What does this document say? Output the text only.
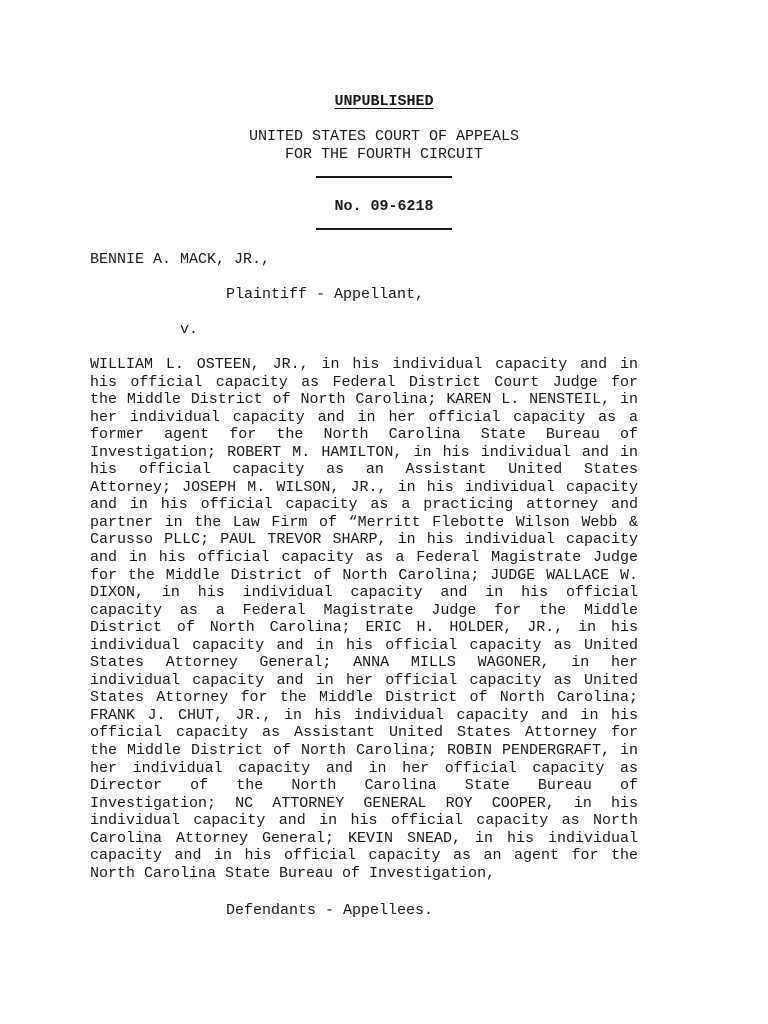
UNPUBLISHED
UNITED STATES COURT OF APPEALS
FOR THE FOURTH CIRCUIT
No. 09-6218
BENNIE A. MACK, JR.,
Plaintiff - Appellant,
v.
WILLIAM L. OSTEEN, JR., in his individual capacity and in
his official capacity as Federal District Court Judge for
the Middle District of North Carolina; KAREN L. NENSTEIL, in
her individual capacity and in her official capacity as a
former agent for the North Carolina State Bureau of
Investigation; ROBERT M. HAMILTON, in his individual and in
his official capacity as an Assistant United States
Attorney; JOSEPH M. WILSON, JR., in his individual capacity
and in his official capacity as a practicing attorney and
partner in the Law Firm of “Merritt Flebotte Wilson Webb &
Carusso PLLC; PAUL TREVOR SHARP, in his individual capacity
and in his official capacity as a Federal Magistrate Judge
for the Middle District of North Carolina; JUDGE WALLACE W.
DIXON, in his individual capacity and in his official
capacity as a Federal Magistrate Judge for the Middle
District of North Carolina; ERIC H. HOLDER, JR., in his
individual capacity and in his official capacity as United
States Attorney General; ANNA MILLS WAGONER, in her
individual capacity and in her official capacity as United
States Attorney for the Middle District of North Carolina;
FRANK J. CHUT, JR., in his individual capacity and in his
official capacity as Assistant United States Attorney for
the Middle District of North Carolina; ROBIN PENDERGRAFT, in
her individual capacity and in her official capacity as
Director of the North Carolina State Bureau of
Investigation; NC ATTORNEY GENERAL ROY COOPER, in his
individual capacity and in his official capacity as North
Carolina Attorney General; KEVIN SNEAD, in his individual
capacity and in his official capacity as an agent for the
North Carolina State Bureau of Investigation,
Defendants - Appellees.
